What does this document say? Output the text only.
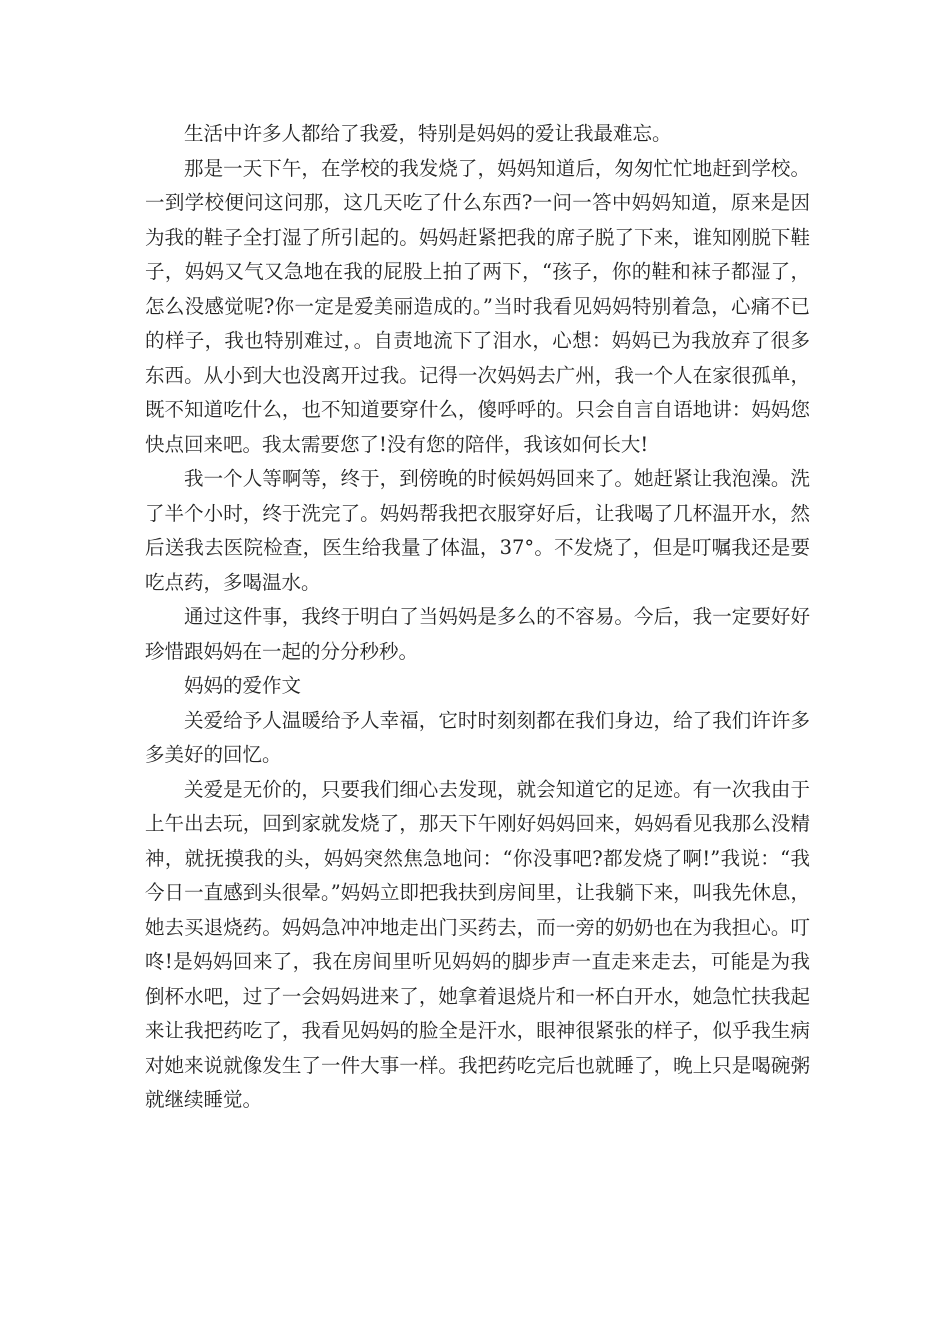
生活中许多人都给了我爱，特别是妈妈的爱让我最难忘。

那是一天下午，在学校的我发烧了，妈妈知道后，匆匆忙忙地赶到学校。一到学校便问这问那，这几天吃了什么东西?一问一答中妈妈知道，原来是因为我的鞋子全打湿了所引起的。妈妈赶紧把我的席子脱了下来，谁知刚脱下鞋子，妈妈又气又急地在我的屁股上拍了两下，“孩子，你的鞋和袜子都湿了，怎么没感觉呢?你一定是爱美丽造成的。”当时我看见妈妈特别着急，心痛不已的样子，我也特别难过，。自责地流下了泪水，心想：妈妈已为我放弃了很多东西。从小到大也没离开过我。记得一次妈妈去广州，我一个人在家很孤单，既不知道吃什么，也不知道要穿什么，傻呼呼的。只会自言自语地讲：妈妈您快点回来吧。我太需要您了!没有您的陪伴，我该如何长大!

我一个人等啊等，终于，到傍晚的时候妈妈回来了。她赶紧让我泡澡。洗了半个小时，终于洗完了。妈妈帮我把衣服穿好后，让我喝了几杯温开水，然后送我去医院检查，医生给我量了体温，37°。不发烧了，但是叮嘱我还是要吃点药，多喝温水。

通过这件事，我终于明白了当妈妈是多么的不容易。今后，我一定要好好珍惜跟妈妈在一起的分分秒秒。

妈妈的爱作文

关爱给予人温暖给予人幸福，它时时刻刻都在我们身边，给了我们许许多多美好的回忆。

关爱是无价的，只要我们细心去发现，就会知道它的足迹。有一次我由于上午出去玩，回到家就发烧了，那天下午刚好妈妈回来，妈妈看见我那么没精神，就抚摸我的头，妈妈突然焦急地问：“你没事吧?都发烧了啊!”我说：“我今日一直感到头很晕。”妈妈立即把我扶到房间里，让我躺下来，叫我先休息，她去买退烧药。妈妈急冲冲地走出门买药去，而一旁的奶奶也在为我担心。叮咚!是妈妈回来了，我在房间里听见妈妈的脚步声一直走来走去，可能是为我倒杯水吧，过了一会妈妈进来了，她拿着退烧片和一杯白开水，她急忙扶我起来让我把药吃了，我看见妈妈的脸全是汗水，眼神很紧张的样子，似乎我生病对她来说就像发生了一件大事一样。我把药吃完后也就睡了，晚上只是喝碗粥就继续睡觉。
